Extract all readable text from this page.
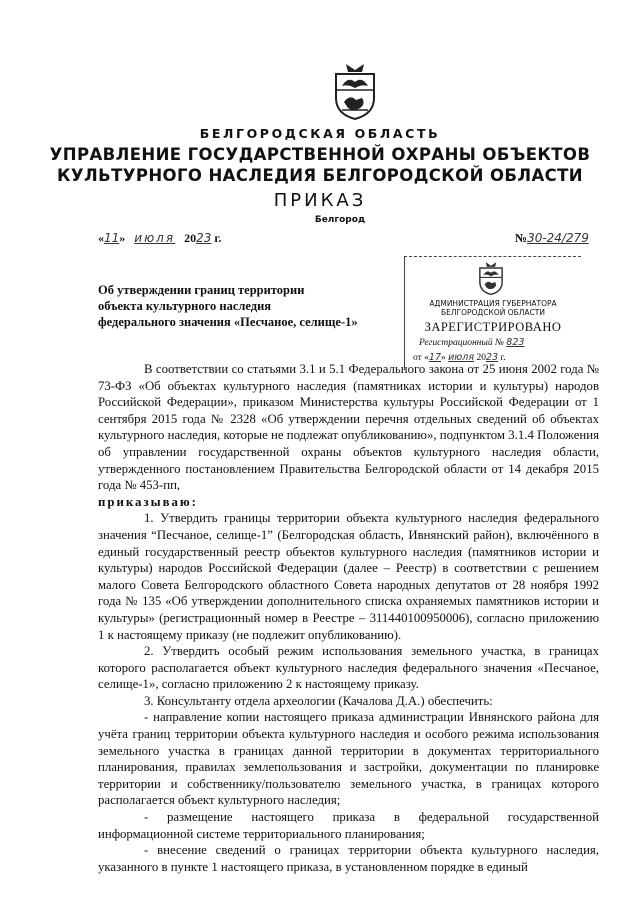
БЕЛГОРОДСКАЯ ОБЛАСТЬ
УПРАВЛЕНИЕ ГОСУДАРСТВЕННОЙ ОХРАНЫ ОБЪЕКТОВ
КУЛЬТУРНОГО НАСЛЕДИЯ БЕЛГОРОДСКОЙ ОБЛАСТИ
ПРИКАЗ
Белгород
«11» июля 2023 г.	№30-24/279
Об утверждении границ территории
объекта культурного наследия
федерального значения «Песчаное, селище-1»
АДМИНИСТРАЦИЯ ГУБЕРНАТОРА
БЕЛГОРОДСКОЙ ОБЛАСТИ
ЗАРЕГИСТРИРОВАНО
Регистрационный № 823
от «17» июля 2023 г.

В соответствии со статьями 3.1 и 5.1 Федерального закона от 25 июня 2002 года № 73-ФЗ «Об объектах культурного наследия (памятниках истории и культуры) народов Российской Федерации», приказом Министерства культуры Российской Федерации от 1 сентября 2015 года № 2328 «Об утверждении перечня отдельных сведений об объектах культурного наследия, которые не подлежат опубликованию», подпунктом 3.1.4 Положения об управлении государственной охраны объектов культурного наследия области, утвержденного постановлением Правительства Белгородской области от 14 декабря 2015 года № 453-пп,

приказываю:

1. Утвердить границы территории объекта культурного наследия федерального значения “Песчаное, селище-1” (Белгородская область, Ивнянский район), включённого в единый государственный реестр объектов культурного наследия (памятников истории и культуры) народов Российской Федерации (далее – Реестр) в соответствии с решением малого Совета Белгородского областного Совета народных депутатов от 28 ноября 1992 года № 135 «Об утверждении дополнительного списка охраняемых памятников истории и культуры» (регистрационный номер в Реестре – 311440100950006), согласно приложению 1 к настоящему приказу (не подлежит опубликованию).

2. Утвердить особый режим использования земельного участка, в границах которого располагается объект культурного наследия федерального значения «Песчаное, селище-1», согласно приложению 2 к настоящему приказу.

3. Консультанту отдела археологии (Качалова Д.А.) обеспечить:

- направление копии настоящего приказа администрации Ивнянского района для учёта границ территории объекта культурного наследия и особого режима использования земельного участка в границах данной территории в документах территориального планирования, правилах землепользования и застройки, документации по планировке территории и собственнику/пользователю земельного участка, в границах которого располагается объект культурного наследия;

- размещение настоящего приказа в федеральной государственной информационной системе территориального планирования;

- внесение сведений о границах территории объекта культурного наследия, указанного в пункте 1 настоящего приказа, в установленном порядке в единый
